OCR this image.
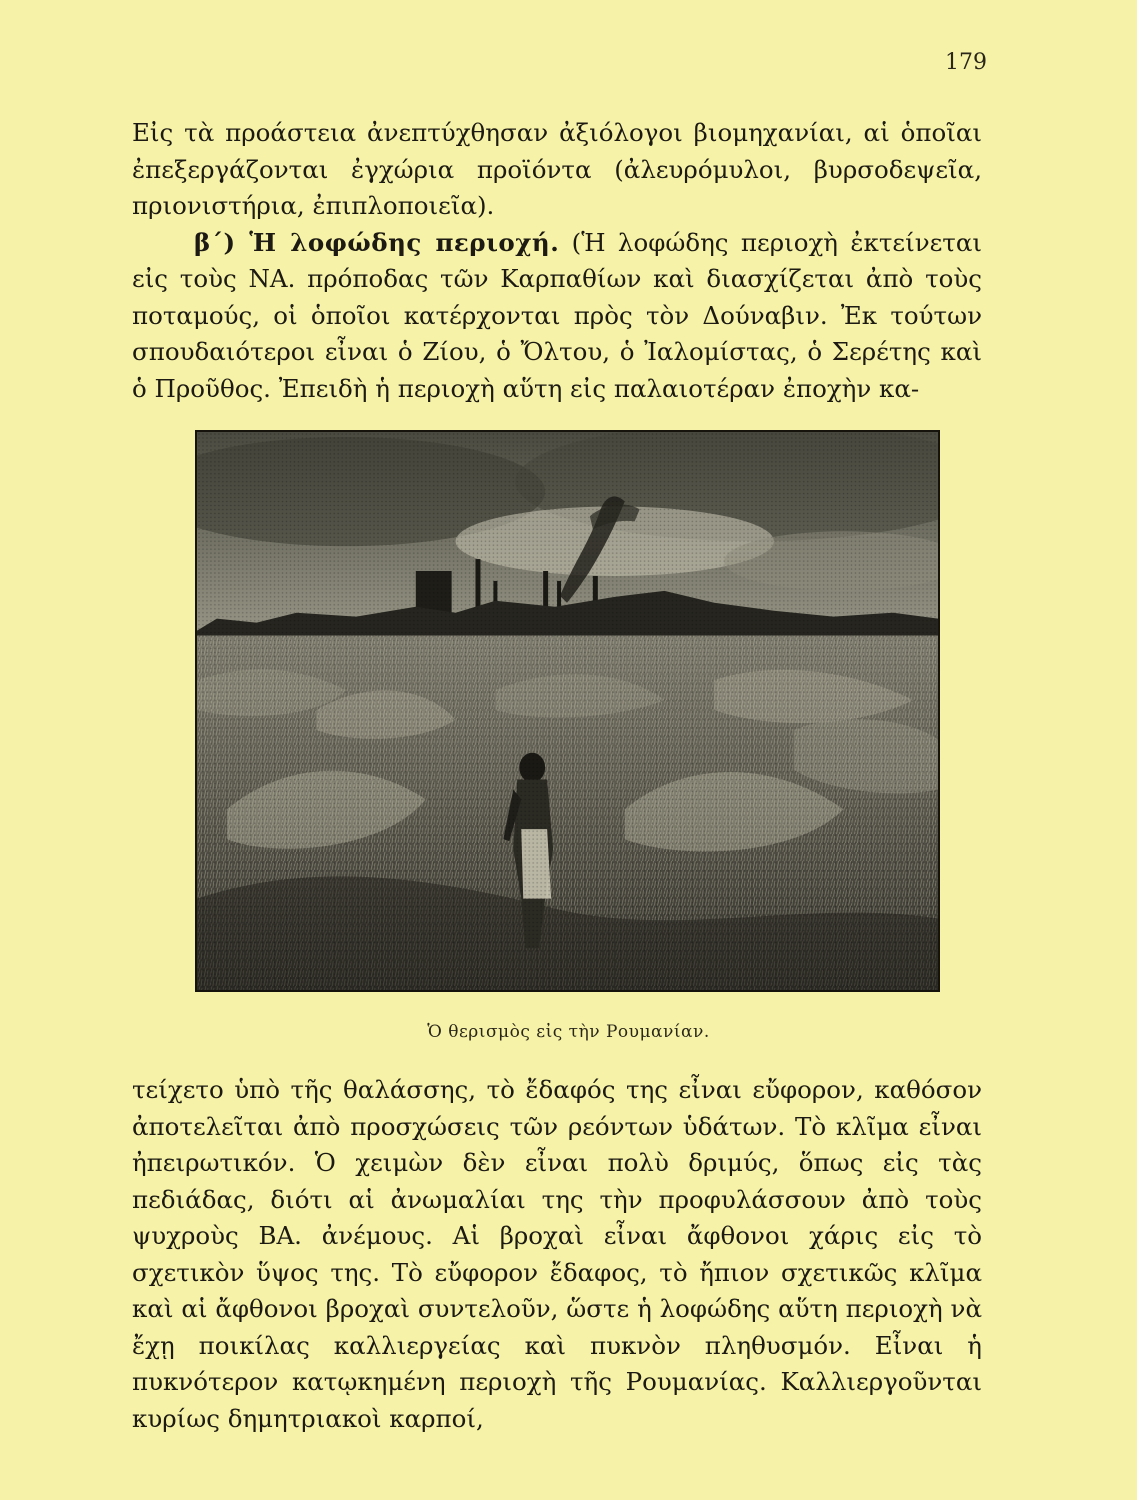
179

Εἰς τὰ προάστεια ἀνεπτύχθησαν ἀξιόλογοι βιομηχανίαι, αἱ ὁποῖαι ἐπεξεργάζονται ἐγχώρια προϊόντα (ἀλευρόμυλοι, βυρσοδεψεῖα, πριονιστήρια, ἐπιπλοποιεῖα).

β΄) Ἡ λοφώδης περιοχή. (Ἡ λοφώδης περιοχὴ ἐκτείνεται εἰς τοὺς ΝΑ. πρόποδας τῶν Καρπαθίων καὶ διασχίζεται ἀπὸ τοὺς ποταμούς, οἱ ὁποῖοι κατέρχονται πρὸς τὸν Δούναβιν. Ἐκ τούτων σπουδαιότεροι εἶναι ὁ Ζίου, ὁ Ὄλτου, ὁ Ἰαλομίστας, ὁ Σερέτης καὶ ὁ Προῦθος. Ἐπειδὴ ἡ περιοχὴ αὕτη εἰς παλαιοτέραν ἐποχὴν κα-

Ὁ θερισμὸς εἰς τὴν Ρουμανίαν.

τείχετο ὑπὸ τῆς θαλάσσης, τὸ ἔδαφός της εἶναι εὔφορον, καθόσον ἀποτελεῖται ἀπὸ προσχώσεις τῶν ρεόντων ὑδάτων. Τὸ κλῖμα εἶναι ἠπειρωτικόν. Ὁ χειμὼν δὲν εἶναι πολὺ δριμύς, ὅπως εἰς τὰς πεδιάδας, διότι αἱ ἀνωμαλίαι της τὴν προφυλάσσουν ἀπὸ τοὺς ψυχροὺς ΒΑ. ἀνέμους. Αἱ βροχαὶ εἶναι ἄφθονοι χάρις εἰς τὸ σχετικὸν ὕψος της. Τὸ εὔφορον ἔδαφος, τὸ ἤπιον σχετικῶς κλῖμα καὶ αἱ ἄφθονοι βροχαὶ συντελοῦν, ὥστε ἡ λοφώδης αὕτη περιοχὴ νὰ ἔχῃ ποικίλας καλλιεργείας καὶ πυκνὸν πληθυσμόν. Εἶναι ἡ πυκνότερον κατῳκημένη περιοχὴ τῆς Ρουμανίας. Καλλιεργοῦνται κυρίως δημητριακοὶ καρποί,
